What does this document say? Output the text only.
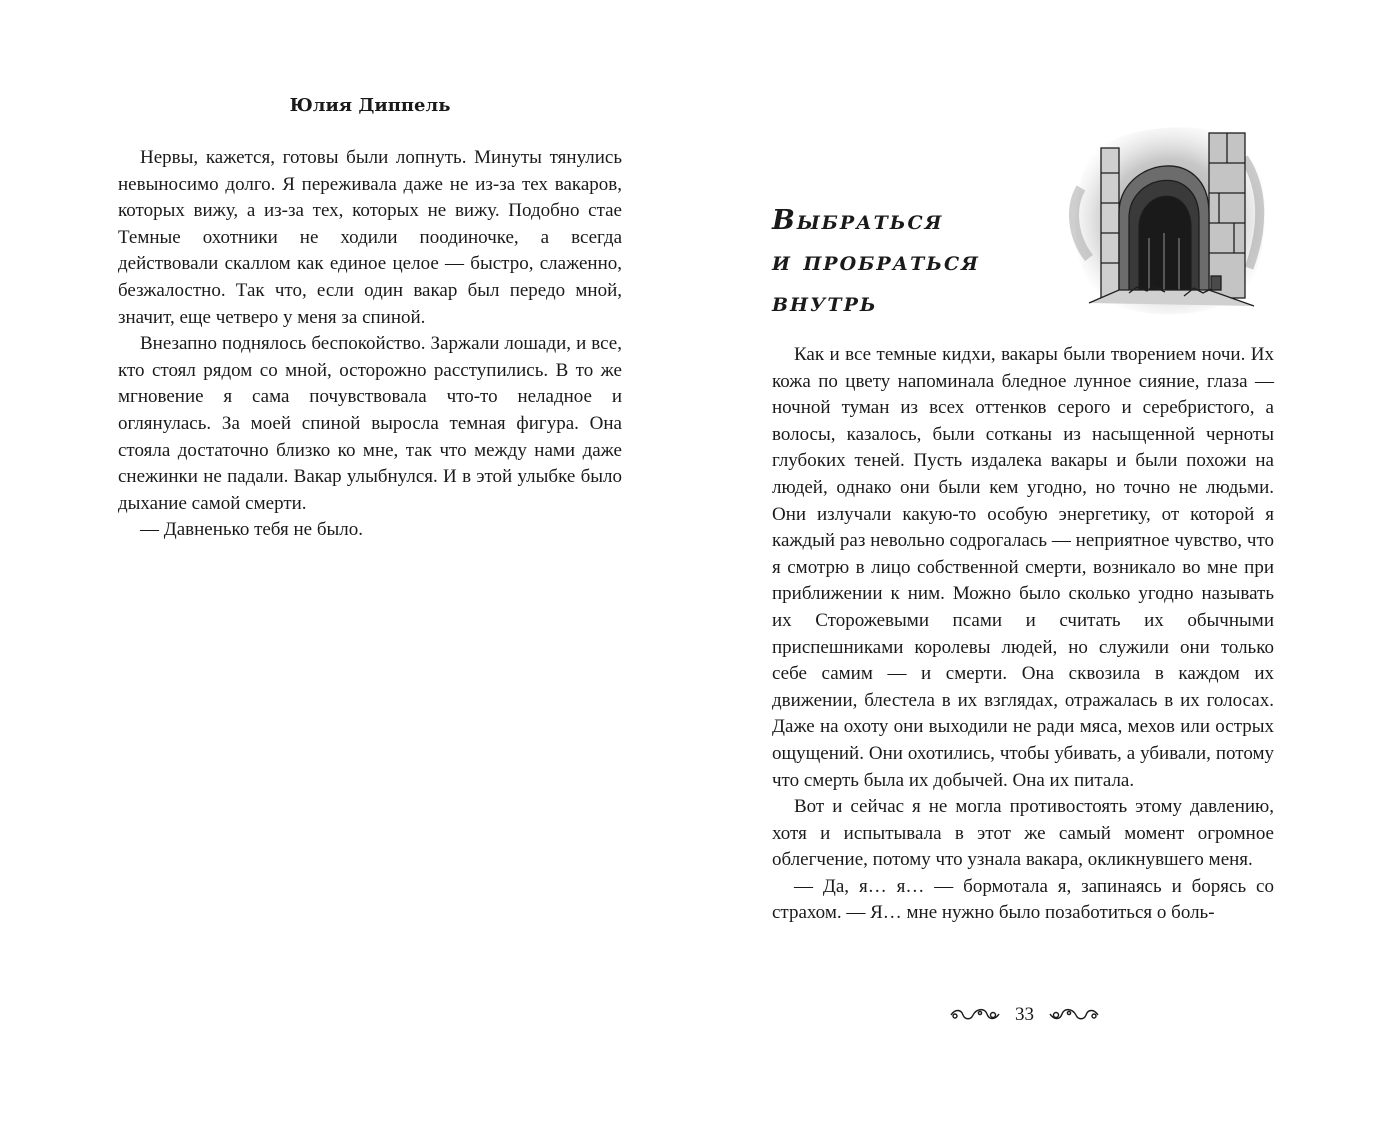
Юлия Диппель

Нервы, кажется, готовы были лопнуть. Минуты тянулись невыносимо долго. Я переживала даже не из-за тех вакаров, которых вижу, а из-за тех, которых не вижу. Подобно стае Темные охотники не ходили поодиночке, а всегда действовали скаллом как единое целое — быстро, слаженно, безжалостно. Так что, если один вакар был передо мной, значит, еще четверо у меня за спиной.

Внезапно поднялось беспокойство. Заржали лошади, и все, кто стоял рядом со мной, осторожно расступились. В то же мгновение я сама почувствовала что-то неладное и оглянулась. За моей спиной выросла темная фигура. Она стояла достаточно близко ко мне, так что между нами даже снежинки не падали. Вакар улыбнулся. И в этой улыбке было дыхание самой смерти.

— Давненько тебя не было.

Выбраться
и пробраться
внутрь

Как и все темные кидхи, вакары были творением ночи. Их кожа по цвету напоминала бледное лунное сияние, глаза — ночной туман из всех оттенков серого и серебристого, а волосы, казалось, были сотканы из насыщенной черноты глубоких теней. Пусть издалека вакары и были похожи на людей, однако они были кем угодно, но точно не людьми. Они излучали какую-то особую энергетику, от которой я каждый раз невольно содрогалась — неприятное чувство, что я смотрю в лицо собственной смерти, возникало во мне при приближении к ним. Можно было сколько угодно называть их Сторожевыми псами и считать их обычными приспешниками королевы людей, но служили они только себе самим — и смерти. Она сквозила в каждом их движении, блестела в их взглядах, отражалась в их голосах. Даже на охоту они выходили не ради мяса, мехов или острых ощущений. Они охотились, чтобы убивать, а убивали, потому что смерть была их добычей. Она их питала.

Вот и сейчас я не могла противостоять этому давлению, хотя и испытывала в этот же самый момент огромное облегчение, потому что узнала вакара, окликнувшего меня.

— Да, я… я… — бормотала я, запинаясь и борясь со страхом. — Я… мне нужно было позаботиться о боль-

33
